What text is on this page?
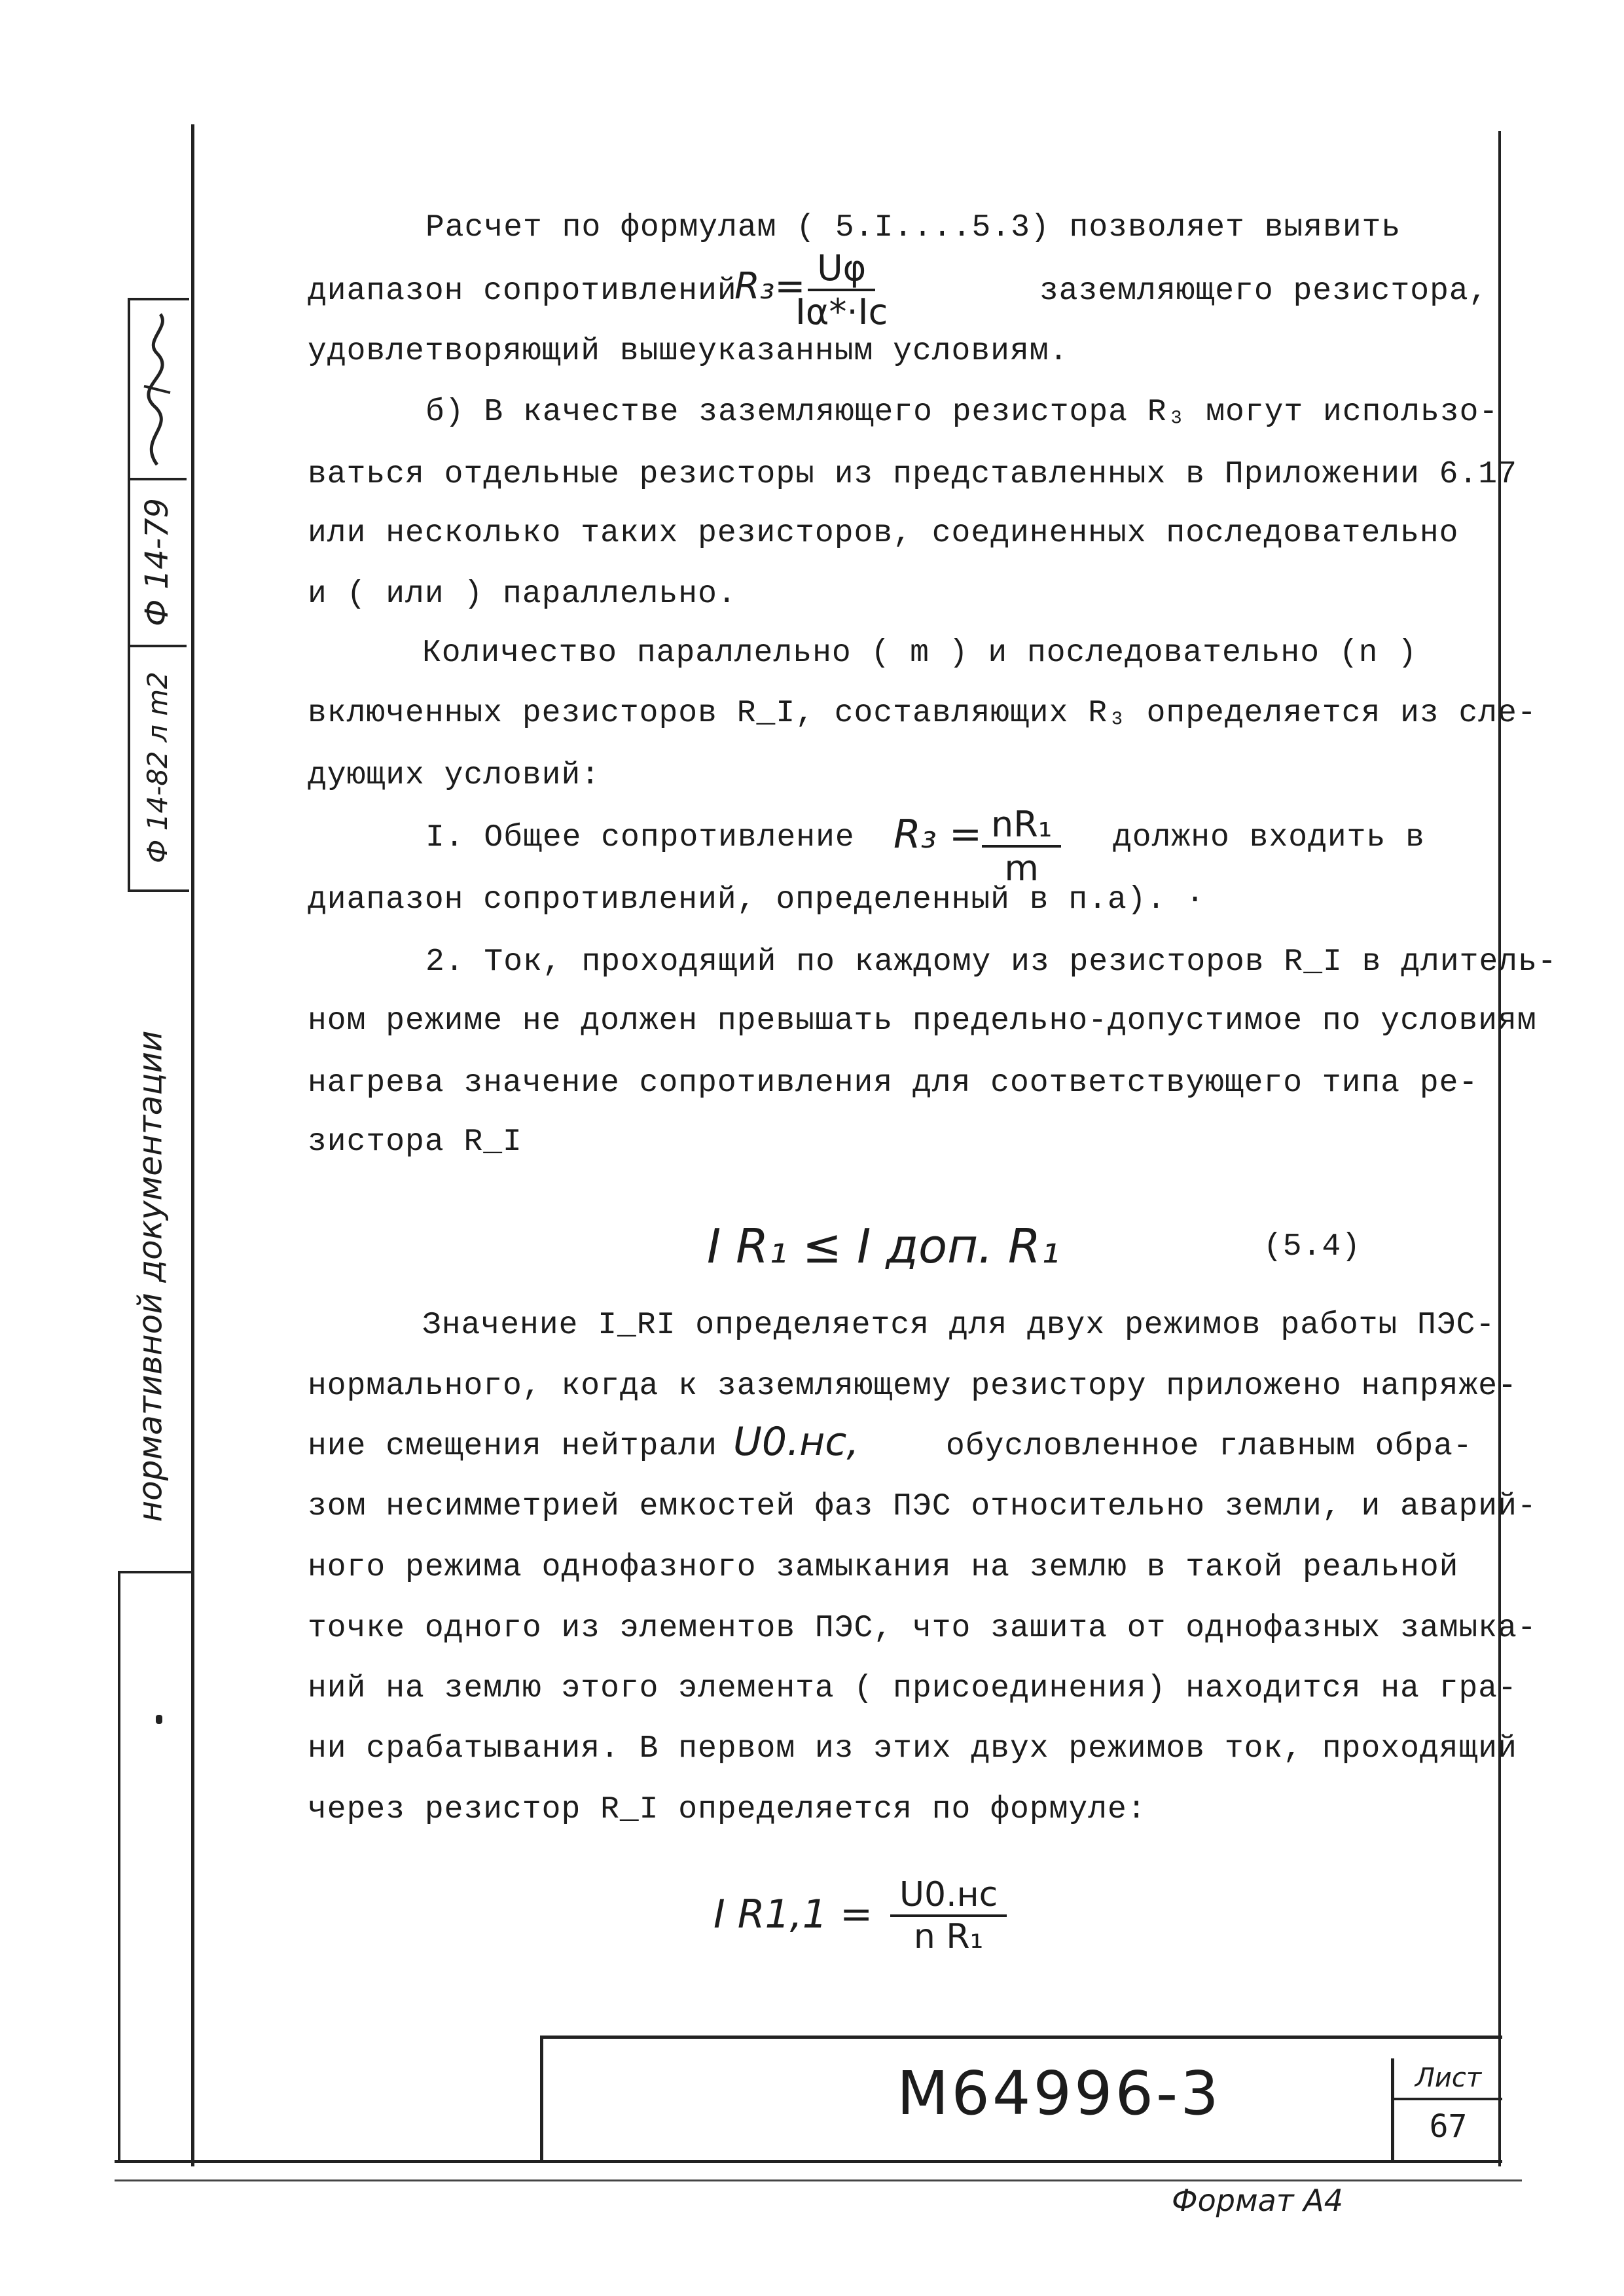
Ф 14-79
Ф 14-82 л m2
нормативной документации
Расчет по формулам ( 5.I....5.3) позволяет выявить
диапазон сопротивлений
R₃=
$\frac{U\varphi}{I\alpha*\cdot Ic}$	заземляющего резистора,
удовлетворяющий вышеуказанным условиям.
б) В качестве заземляющего резистора R₃ могут использо-
ваться отдельные резисторы из представленных в Приложении 6.17
или несколько таких резисторов, соединенных последовательно
и ( или ) параллельно.
Количество параллельно ( m ) и последовательно (n )
включенных резисторов R_I, составляющих R₃ определяется из сле-
дующих условий:
I. Общее сопротивление $R_3 = \frac{\text{nR₁}}{m}$ должно входить в
диапазон сопротивлений, определенный в п.а). ·
2. Ток, проходящий по каждому из резисторов R_I в длитель-
ном режиме не должен превышать предельно-допустимое по условиям
нагрева значение сопротивления для соответствующего типа ре-
зистора R_I
I R₁ ≤ I доп. R₁	(5.4)
Значение I_RI определяется для двух режимов работы ПЭС-
нормального, когда к заземляющему резистору приложено напряже-
ние смещения нейтрали U0.нс,	обусловленное главным обра-
зом несимметрией емкостей фаз ПЭС относительно земли, и аварий-
ного режима однофазного замыкания на землю в такой реальной
точке одного из элементов ПЭС, что зашита от однофазных замыка-
ний на землю этого элемента ( присоединения) находится на гра-
ни срабатывания. В первом из этих двух режимов ток, проходящий
через резистор R_I определяется по формуле:
I R1,1 = U0.нс
n R₁
M64996-3	Лист
67
Формат А4
